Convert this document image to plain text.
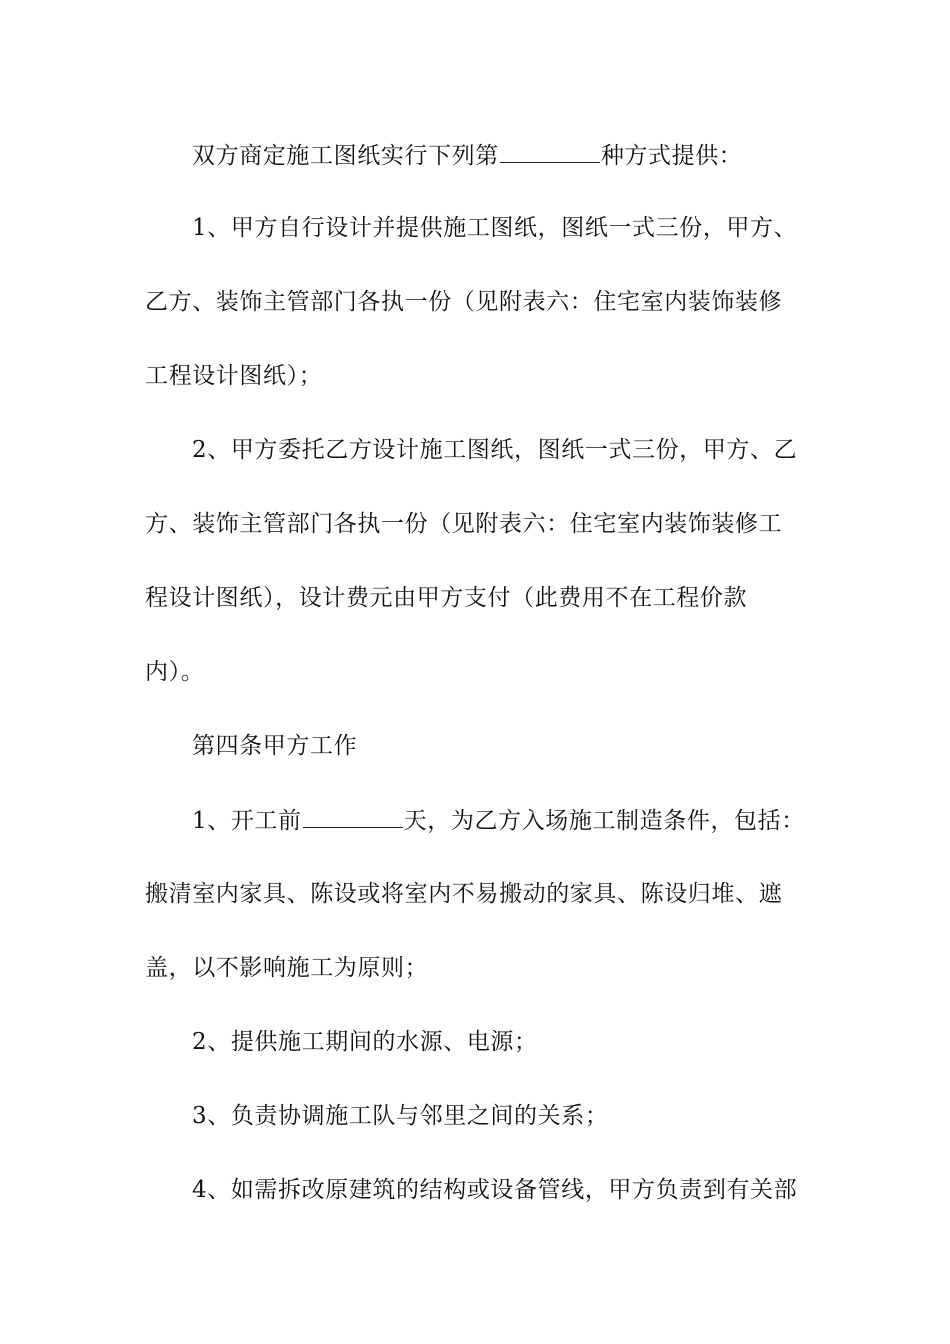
双方商定施工图纸实行下列第	种方式提供：
1、甲方自行设计并提供施工图纸，图纸一式三份，甲方、
乙方、装饰主管部门各执一份（见附表六：住宅室内装饰装修
工程设计图纸）；
2、甲方委托乙方设计施工图纸，图纸一式三份，甲方、乙
方、装饰主管部门各执一份（见附表六：住宅室内装饰装修工
程设计图纸），设计费元由甲方支付（此费用不在工程价款
内）。
第四条甲方工作
1、开工前	天，为乙方入场施工制造条件，包括：
搬清室内家具、陈设或将室内不易搬动的家具、陈设归堆、遮
盖，以不影响施工为原则；
2、提供施工期间的水源、电源；
3、负责协调施工队与邻里之间的关系；
4、如需拆改原建筑的结构或设备管线，甲方负责到有关部
